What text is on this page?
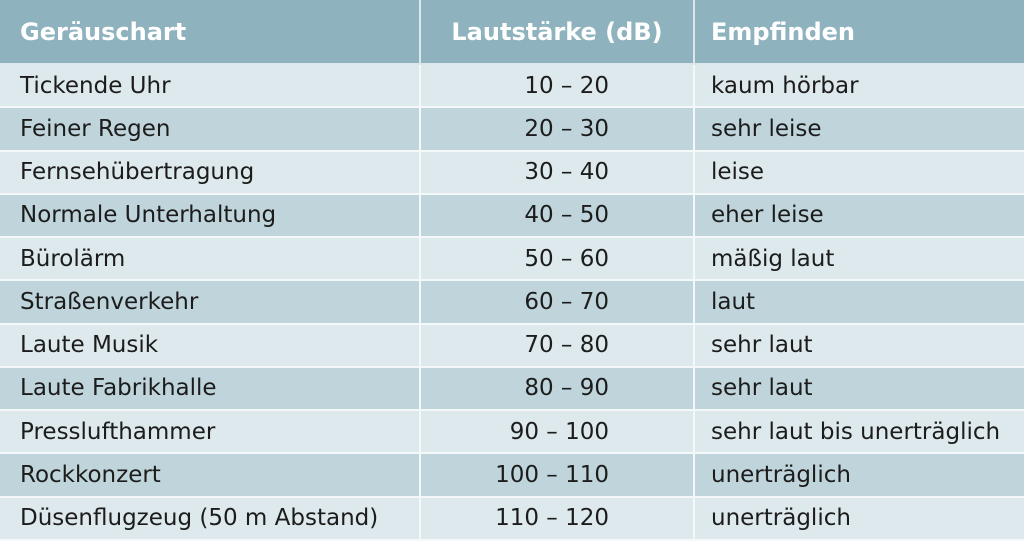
Geräuschart	Lautstärke (dB)	Empfinden
Tickende Uhr	10 – 20	kaum hörbar
Feiner Regen	20 – 30	sehr leise
Fernsehübertragung	30 – 40	leise
Normale Unterhaltung	40 – 50	eher leise
Bürolärm	50 – 60	mäßig laut
Straßenverkehr	60 – 70	laut
Laute Musik	70 – 80	sehr laut
Laute Fabrikhalle	80 – 90	sehr laut
Presslufthammer	90 – 100	sehr laut bis unerträglich
Rockkonzert	100 – 110	unerträglich
Düsenflugzeug (50 m Abstand)	110 – 120	unerträglich
